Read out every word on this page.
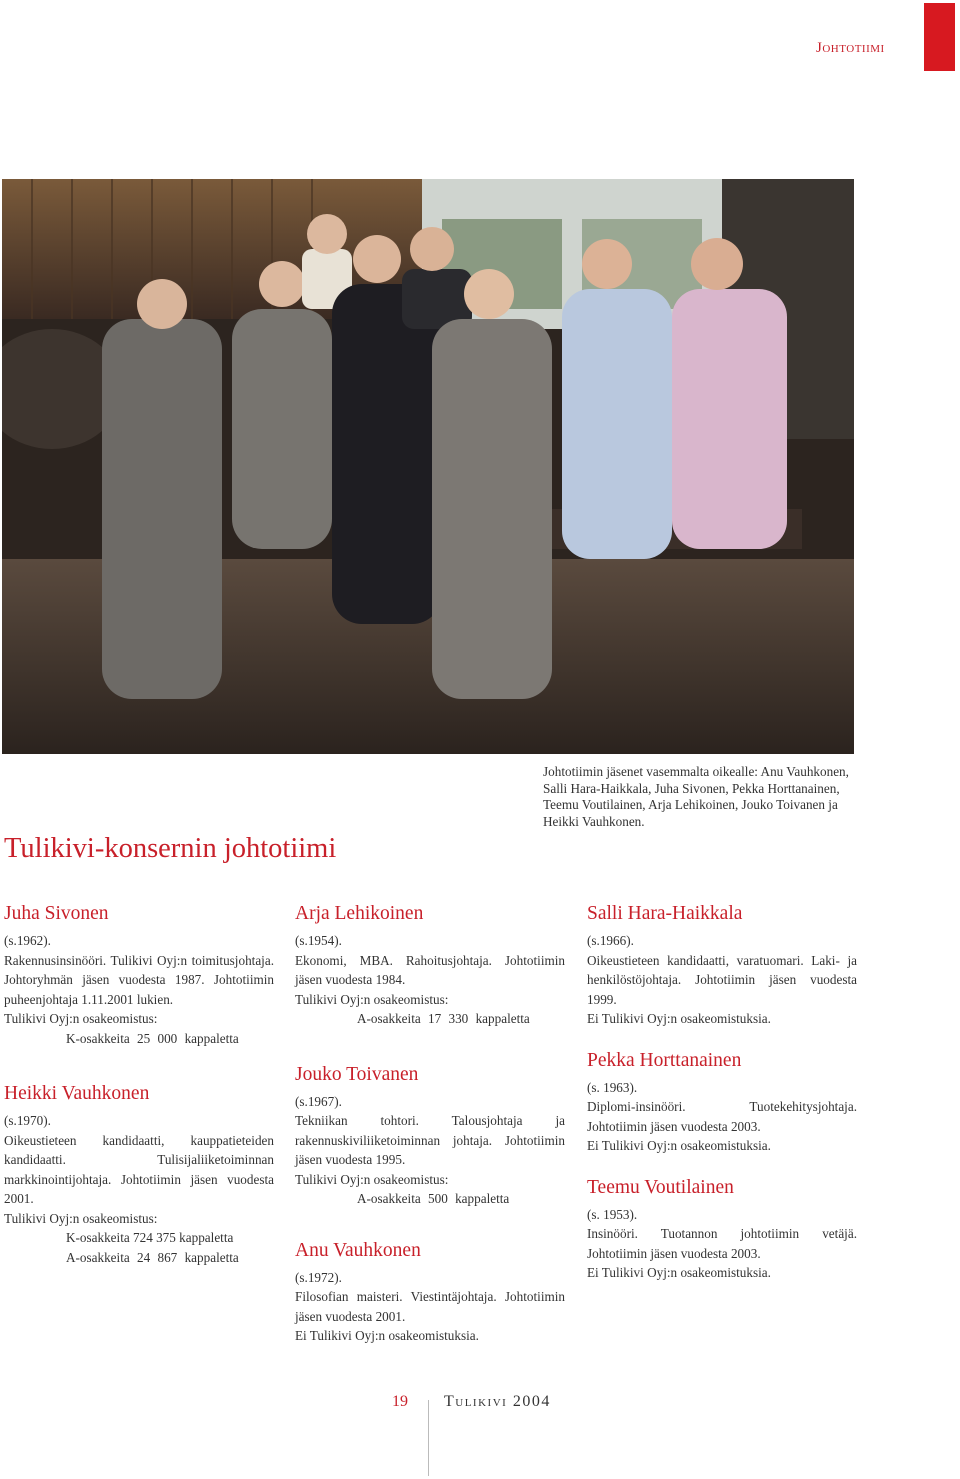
Johtotiimi
Johtotiimin jäsenet vasemmalta oikealle: Anu Vauhkonen, Salli Hara-Haikkala, Juha Sivonen, Pekka Horttanainen, Teemu Voutilainen, Arja Lehikoinen, Jouko Toivanen ja Heikki Vauhkonen.
Tulikivi-konsernin johtotiimi
Juha Sivonen
(s.1962).
Rakennusinsinööri. Tulikivi Oyj:n toimitusjohtaja. Johtoryhmän jäsen vuodesta 1987. Johtotiimin puheenjohtaja 1.11.2001 lukien.
Tulikivi Oyj:n osakeomistus:
K-osakkeita 25 000 kappaletta
Heikki Vauhkonen
(s.1970).
Oikeustieteen kandidaatti, kauppatieteiden kandidaatti. Tulisijaliiketoiminnan markkinointijohtaja. Johtotiimin jäsen vuodesta 2001.
Tulikivi Oyj:n osakeomistus:
K-osakkeita 724 375 kappaletta
A-osakkeita 24 867 kappaletta
Arja Lehikoinen
(s.1954).
Ekonomi, MBA. Rahoitusjohtaja. Johtotiimin jäsen vuodesta 1984.
Tulikivi Oyj:n osakeomistus:
A-osakkeita 17 330 kappaletta
Jouko Toivanen
(s.1967).
Tekniikan tohtori. Talousjohtaja ja rakennuskiviliiketoiminnan johtaja. Johtotiimin jäsen vuodesta 1995.
Tulikivi Oyj:n osakeomistus:
A-osakkeita 500 kappaletta
Anu Vauhkonen
(s.1972).
Filosofian maisteri. Viestintäjohtaja. Johtotiimin jäsen vuodesta 2001.
Ei Tulikivi Oyj:n osakeomistuksia.
Salli Hara-Haikkala
(s.1966).
Oikeustieteen kandidaatti, varatuomari. Laki- ja henkilöstöjohtaja. Johtotiimin jäsen vuodesta 1999.
Ei Tulikivi Oyj:n osakeomistuksia.
Pekka Horttanainen
(s. 1963).
Diplomi-insinööri. Tuotekehitysjohtaja. Johtotiimin jäsen vuodesta 2003.
Ei Tulikivi Oyj:n osakeomistuksia.
Teemu Voutilainen
(s. 1953).
Insinööri. Tuotannon johtotiimin vetäjä. Johtotiimin jäsen vuodesta 2003.
Ei Tulikivi Oyj:n osakeomistuksia.
19 Tulikivi 2004
